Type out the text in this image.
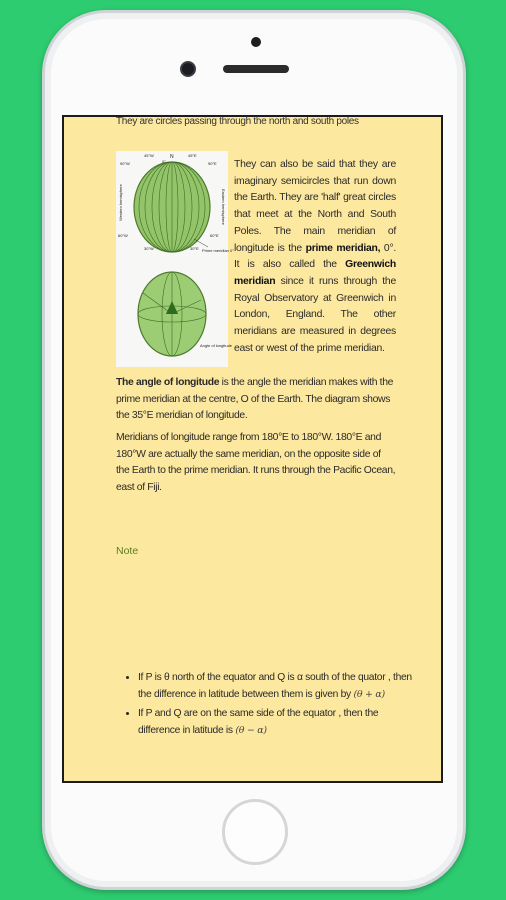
They are circles passing through the north and south poles
N
45°W
0°
45°E
90°W	90°E
60°W	60°E
30°W	30°E
Western hemisphere	Eastern hemisphere
Prime meridian 0°
Angle of longitude
They can also be said that they are imaginary semicircles that run down the Earth. They are 'half' great circles that meet at the North and South Poles. The main meridian of longitude is the prime meridian, 0°. It is also called the Greenwich meridian since it runs through the Royal Observatory at Greenwich in London, England. The other meridians are measured in degrees east or west of the prime meridian.
The angle of longitude is the angle the meridian makes with the prime meridian at the centre, O of the Earth. The diagram shows the 35°E meridian of longitude.
Meridians of longitude range from 180°E to 180°W. 180°E and 180°W are actually the same meridian, on the opposite side of the Earth to the prime meridian. It runs through the Pacific Ocean, east of Fiji.
Note
• If P is θ north of the equator and Q is α south of the quator , then the difference in latitude between them is given by (θ + α)
• If P and Q are on the same side of the equator , then the difference in latitude is (θ − α)
